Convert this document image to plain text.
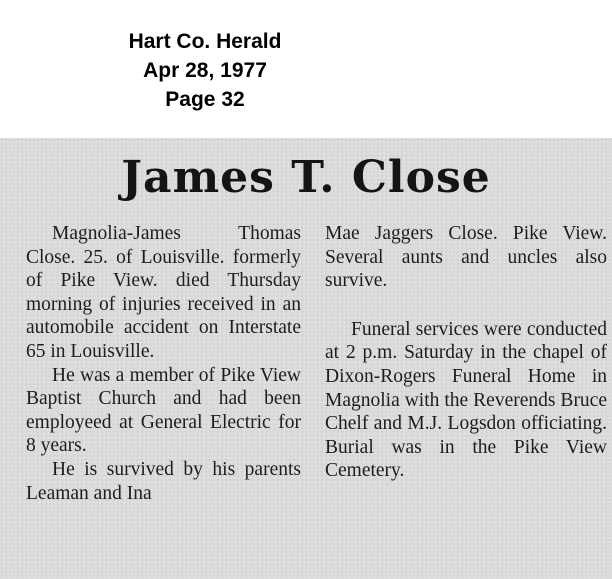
Hart Co. Herald
Apr 28, 1977
Page 32
James T. Close

Magnolia-James Thomas Close. 25. of Louisville. formerly of Pike View. died Thursday morning of injuries received in an automobile accident on Interstate 65 in Louisville.

He was a member of Pike View Baptist Church and had been employeed at General Electric for 8 years.

He is survived by his parents Leaman and Ina

Mae Jaggers Close. Pike View. Several aunts and uncles also survive.

Funeral services were conducted at 2 p.m. Saturday in the chapel of Dixon-Rogers Funeral Home in Magnolia with the Reverends Bruce Chelf and M.J. Logsdon officiating. Burial was in the Pike View Cemetery.
